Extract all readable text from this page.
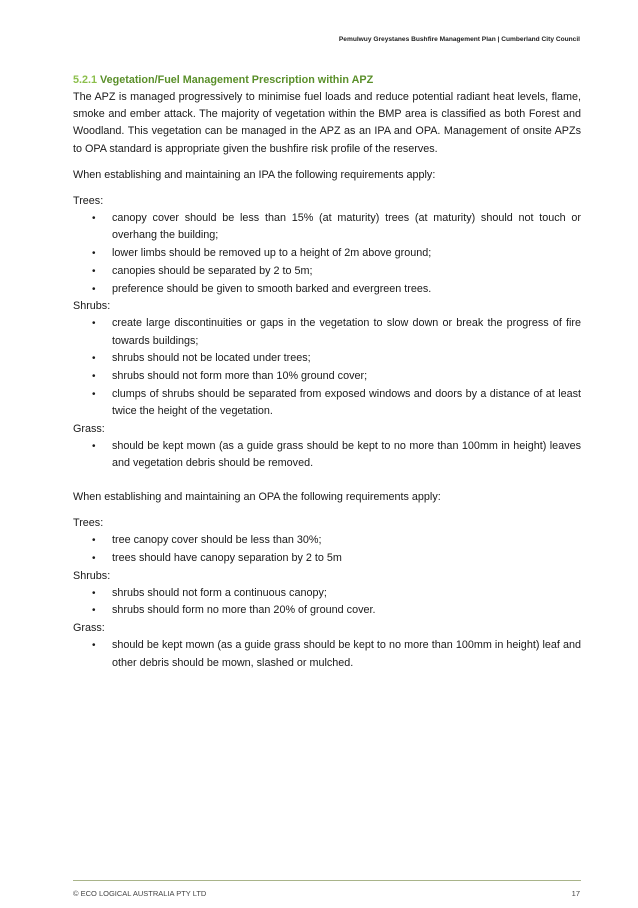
Pemulwuy Greystanes Bushfire Management Plan | Cumberland City Council
5.2.1 Vegetation/Fuel Management Prescription within APZ

The APZ is managed progressively to minimise fuel loads and reduce potential radiant heat levels, flame, smoke and ember attack. The majority of vegetation within the BMP area is classified as both Forest and Woodland. This vegetation can be managed in the APZ as an IPA and OPA. Management of onsite APZs to OPA standard is appropriate given the bushfire risk profile of the reserves.

When establishing and maintaining an IPA the following requirements apply:

Trees:

• canopy cover should be less than 15% (at maturity) trees (at maturity) should not touch or overhang the building;
• lower limbs should be removed up to a height of 2m above ground;
• canopies should be separated by 2 to 5m;
• preference should be given to smooth barked and evergreen trees.

Shrubs:

• create large discontinuities or gaps in the vegetation to slow down or break the progress of fire towards buildings;
• shrubs should not be located under trees;
• shrubs should not form more than 10% ground cover;
• clumps of shrubs should be separated from exposed windows and doors by a distance of at least twice the height of the vegetation.

Grass:

• should be kept mown (as a guide grass should be kept to no more than 100mm in height) leaves and vegetation debris should be removed.

When establishing and maintaining an OPA the following requirements apply:

Trees:

• tree canopy cover should be less than 30%;
• trees should have canopy separation by 2 to 5m

Shrubs:

• shrubs should not form a continuous canopy;
• shrubs should form no more than 20% of ground cover.

Grass:

• should be kept mown (as a guide grass should be kept to no more than 100mm in height) leaf and other debris should be mown, slashed or mulched.
© ECO LOGICAL AUSTRALIA PTY LTD	17
